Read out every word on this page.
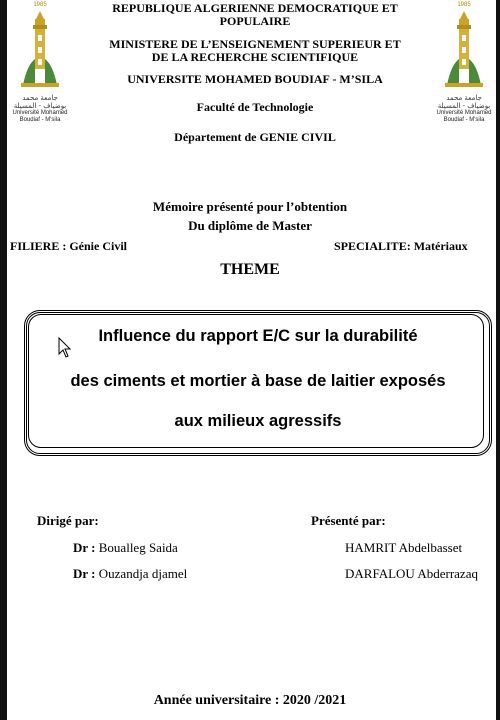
1985
جامعة محمد بوضياف - المسيلة
Université Mohamed Boudiaf - M'sila
1985
جامعة محمد بوضياف - المسيلة
Université Mohamed Boudiaf - M'sila
REPUBLIQUE ALGERIENNE DEMOCRATIQUE ET
POPULAIRE
MINISTERE DE L’ENSEIGNEMENT SUPERIEUR ET
DE LA RECHERCHE SCIENTIFIQUE
UNIVERSITE MOHAMED BOUDIAF - M’SILA
Faculté de Technologie
Département de GENIE CIVIL
Mémoire présenté pour l’obtention
Du diplôme de Master
FILIERE : Génie Civil	SPECIALITE: Matériaux
THEME
Influence du rapport E/C sur la durabilité
des ciments et mortier à base de laitier exposés
aux milieux agressifs
Dirigé par:
Dr : Boualleg Saida
Dr : Ouzandja djamel
Présenté par:
HAMRIT Abdelbasset
DARFALOU Abderrazaq
Année universitaire : 2020 /2021
